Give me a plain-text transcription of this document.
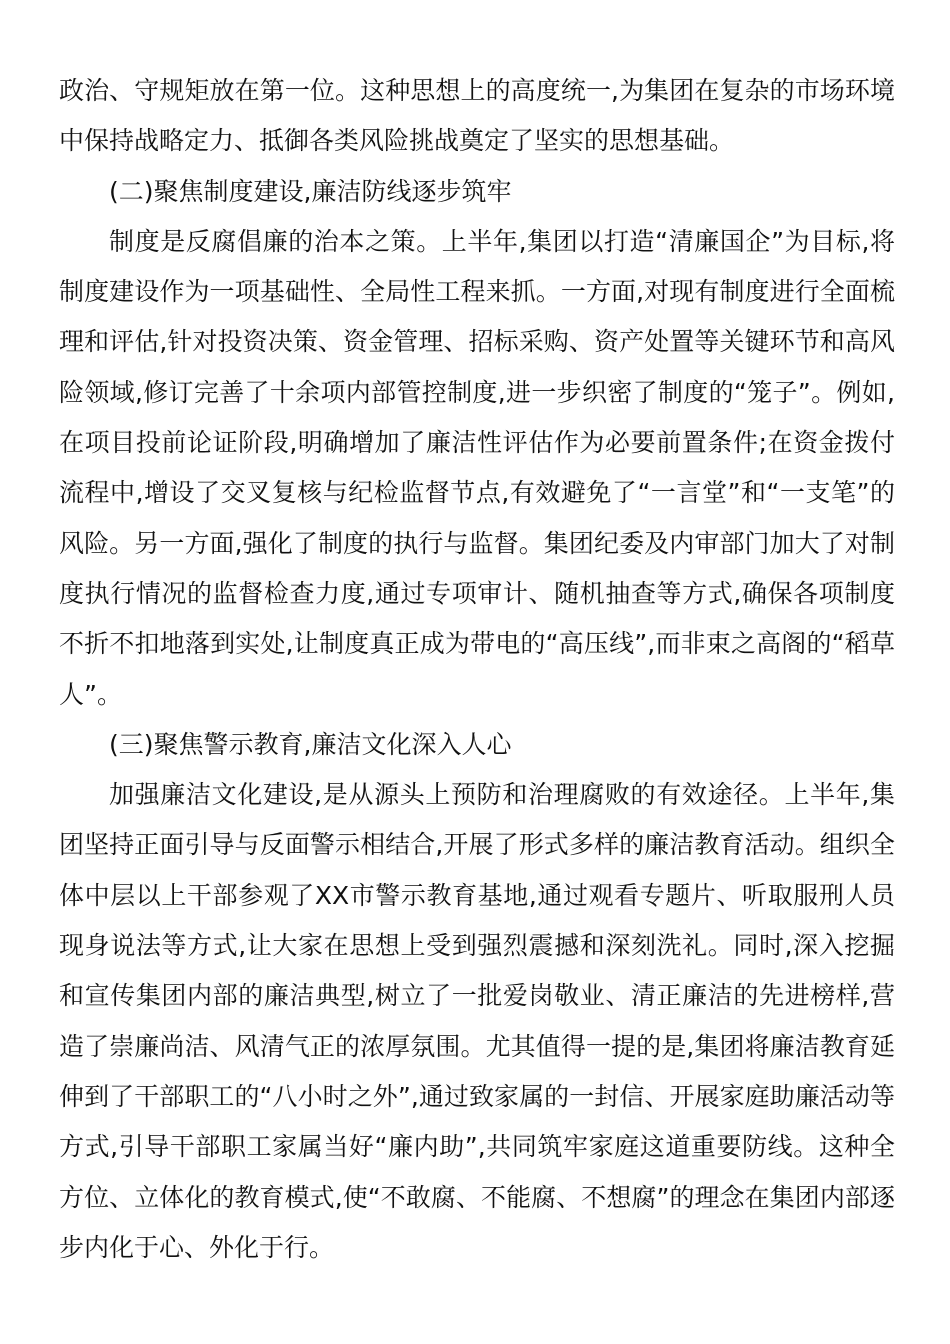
政治、守规矩放在第一位。这种思想上的高度统一,为集团在复杂的市场环境中保持战略定力、抵御各类风险挑战奠定了坚实的思想基础。

(二)聚焦制度建设,廉洁防线逐步筑牢

制度是反腐倡廉的治本之策。上半年,集团以打造“清廉国企”为目标,将制度建设作为一项基础性、全局性工程来抓。一方面,对现有制度进行全面梳理和评估,针对投资决策、资金管理、招标采购、资产处置等关键环节和高风险领域,修订完善了十余项内部管控制度,进一步织密了制度的“笼子”。例如,在项目投前论证阶段,明确增加了廉洁性评估作为必要前置条件;在资金拨付流程中,增设了交叉复核与纪检监督节点,有效避免了“一言堂”和“一支笔”的风险。另一方面,强化了制度的执行与监督。集团纪委及内审部门加大了对制度执行情况的监督检查力度,通过专项审计、随机抽查等方式,确保各项制度不折不扣地落到实处,让制度真正成为带电的“高压线”,而非束之高阁的“稻草人”。

(三)聚焦警示教育,廉洁文化深入人心

加强廉洁文化建设,是从源头上预防和治理腐败的有效途径。上半年,集团坚持正面引导与反面警示相结合,开展了形式多样的廉洁教育活动。组织全体中层以上干部参观了XX市警示教育基地,通过观看专题片、听取服刑人员现身说法等方式,让大家在思想上受到强烈震撼和深刻洗礼。同时,深入挖掘和宣传集团内部的廉洁典型,树立了一批爱岗敬业、清正廉洁的先进榜样,营造了崇廉尚洁、风清气正的浓厚氛围。尤其值得一提的是,集团将廉洁教育延伸到了干部职工的“八小时之外”,通过致家属的一封信、开展家庭助廉活动等方式,引导干部职工家属当好“廉内助”,共同筑牢家庭这道重要防线。这种全方位、立体化的教育模式,使“不敢腐、不能腐、不想腐”的理念在集团内部逐步内化于心、外化于行。
